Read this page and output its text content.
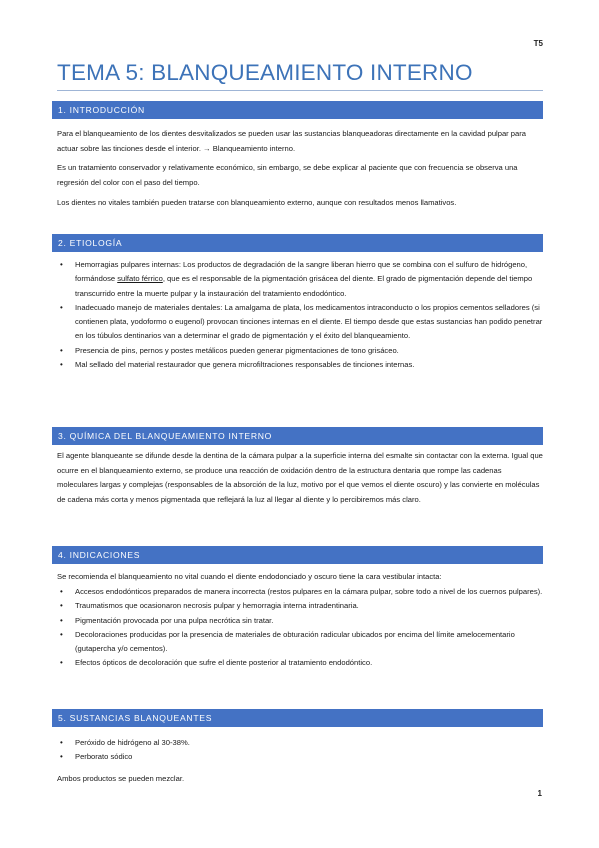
T5
TEMA 5: BLANQUEAMIENTO INTERNO
1. INTRODUCCIÓN

Para el blanqueamiento de los dientes desvitalizados se pueden usar las sustancias blanqueadoras directamente en la cavidad pulpar para actuar sobre las tinciones desde el interior. → Blanqueamiento interno.

Es un tratamiento conservador y relativamente económico, sin embargo, se debe explicar al paciente que con frecuencia se observa una regresión del color con el paso del tiempo.

Los dientes no vitales también pueden tratarse con blanqueamiento externo, aunque con resultados menos llamativos.

2. ETIOLOGÍA
• Hemorragias pulpares internas: Los productos de degradación de la sangre liberan hierro que se combina con el sulfuro de hidrógeno, formándose sulfato férrico, que es el responsable de la pigmentación grisácea del diente. El grado de pigmentación depende del tiempo transcurrido entre la muerte pulpar y la instauración del tratamiento endodóntico.
• Inadecuado manejo de materiales dentales: La amalgama de plata, los medicamentos intraconducto o los propios cementos selladores (si contienen plata, yodoformo o eugenol) provocan tinciones internas en el diente. El tiempo desde que estas sustancias han podido penetrar en los túbulos dentinarios van a determinar el grado de pigmentación y el éxito del blanqueamiento.
• Presencia de pins, pernos y postes metálicos pueden generar pigmentaciones de tono grisáceo.
• Mal sellado del material restaurador que genera microfiltraciones responsables de tinciones internas.
3. QUÍMICA DEL BLANQUEAMIENTO INTERNO

El agente blanqueante se difunde desde la dentina de la cámara pulpar a la superficie interna del esmalte sin contactar con la externa. Igual que ocurre en el blanqueamiento externo, se produce una reacción de oxidación dentro de la estructura dentaria que rompe las cadenas moleculares largas y complejas (responsables de la absorción de la luz, motivo por el que vemos el diente oscuro) y las convierte en moléculas de cadena más corta y menos pigmentada que reflejará la luz al llegar al diente y lo percibiremos más claro.

4. INDICACIONES

Se recomienda el blanqueamiento no vital cuando el diente endodonciado y oscuro tiene la cara vestibular intacta:

• Accesos endodónticos preparados de manera incorrecta (restos pulpares en la cámara pulpar, sobre todo a nivel de los cuernos pulpares).
• Traumatismos que ocasionaron necrosis pulpar y hemorragia interna intradentinaria.
• Pigmentación provocada por una pulpa necrótica sin tratar.
• Decoloraciones producidas por la presencia de materiales de obturación radicular ubicados por encima del límite amelocementario (gutapercha y/o cementos).
• Efectos ópticos de decoloración que sufre el diente posterior al tratamiento endodóntico.
5. SUSTANCIAS BLANQUEANTES
• Peróxido de hidrógeno al 30-38%.
• Perborato sódico

Ambos productos se pueden mezclar.

1
